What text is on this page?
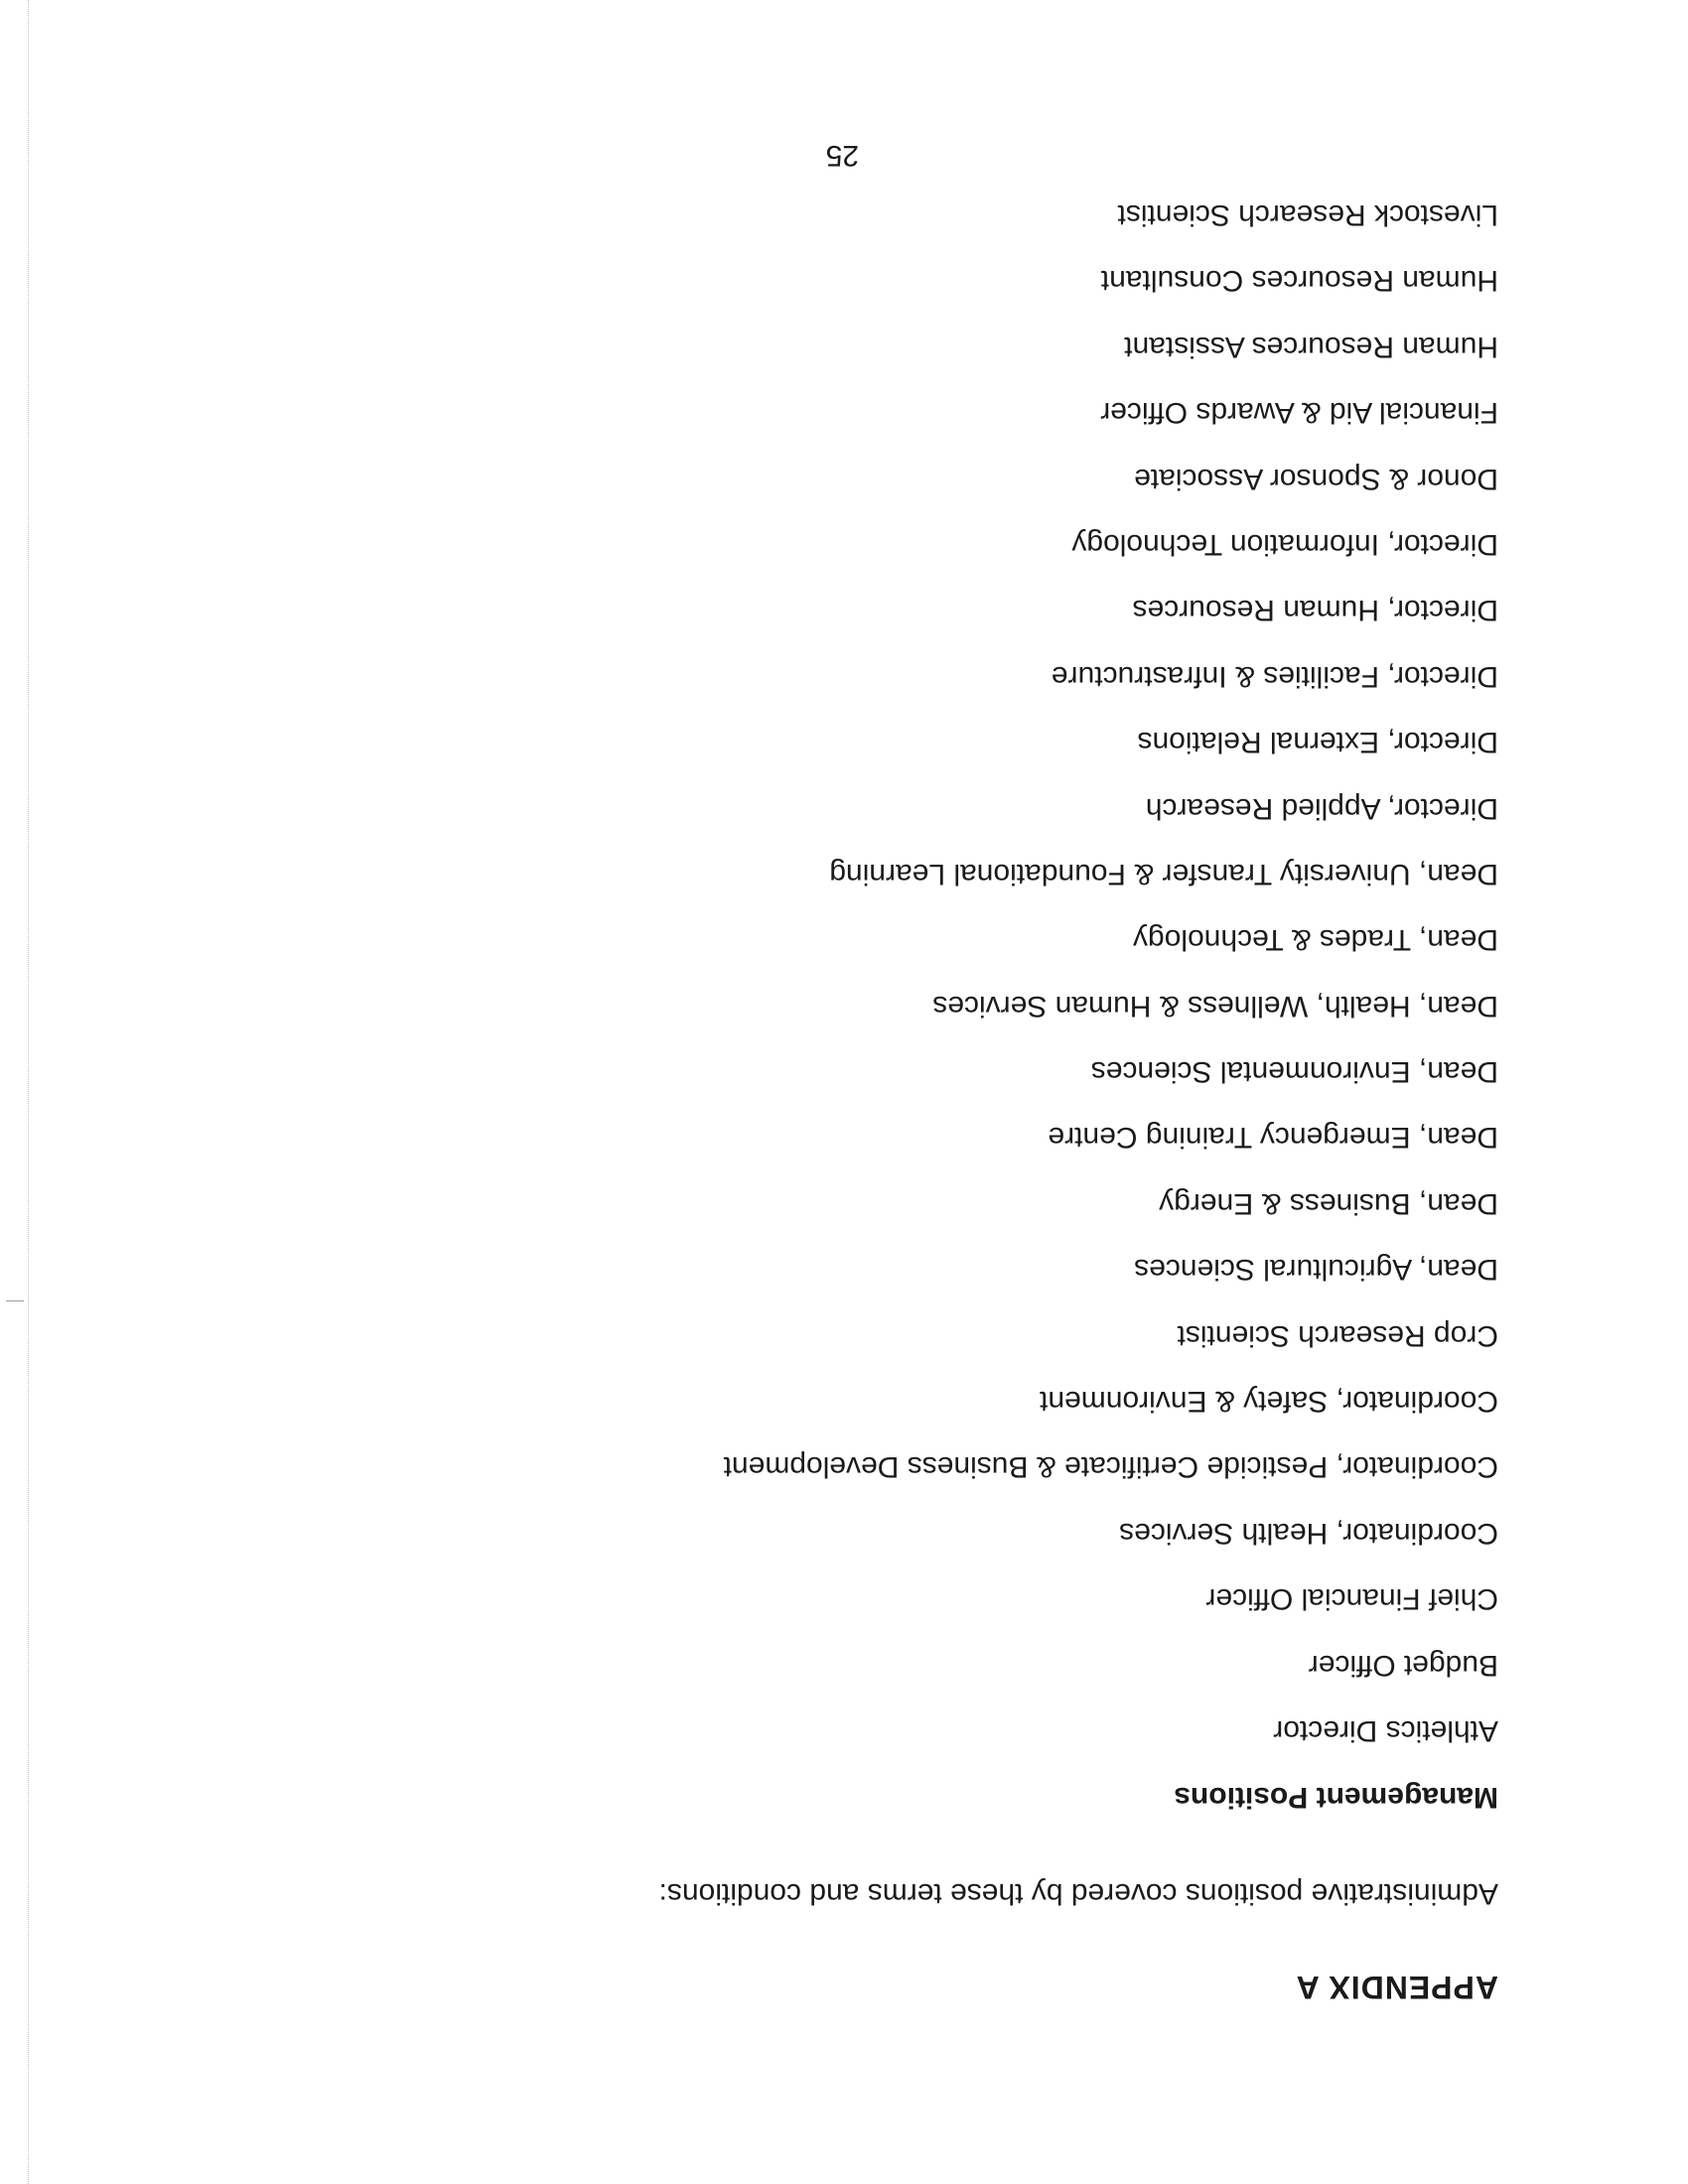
APPENDIX A

Administrative positions covered by these terms and conditions:

Management Positions
Athletics Director
Budget Officer
Chief Financial Officer
Coordinator, Health Services
Coordinator, Pesticide Certificate & Business Development
Coordinator, Safety & Environment
Crop Research Scientist
Dean, Agricultural Sciences
Dean, Business & Energy
Dean, Emergency Training Centre
Dean, Environmental Sciences
Dean, Health, Wellness & Human Services
Dean, Trades & Technology
Dean, University Transfer & Foundational Learning
Director, Applied Research
Director, External Relations
Director, Facilities & Infrastructure
Director, Human Resources
Director, Information Technology
Donor & Sponsor Associate
Financial Aid & Awards Officer
Human Resources Assistant
Human Resources Consultant
Livestock Research Scientist

25
